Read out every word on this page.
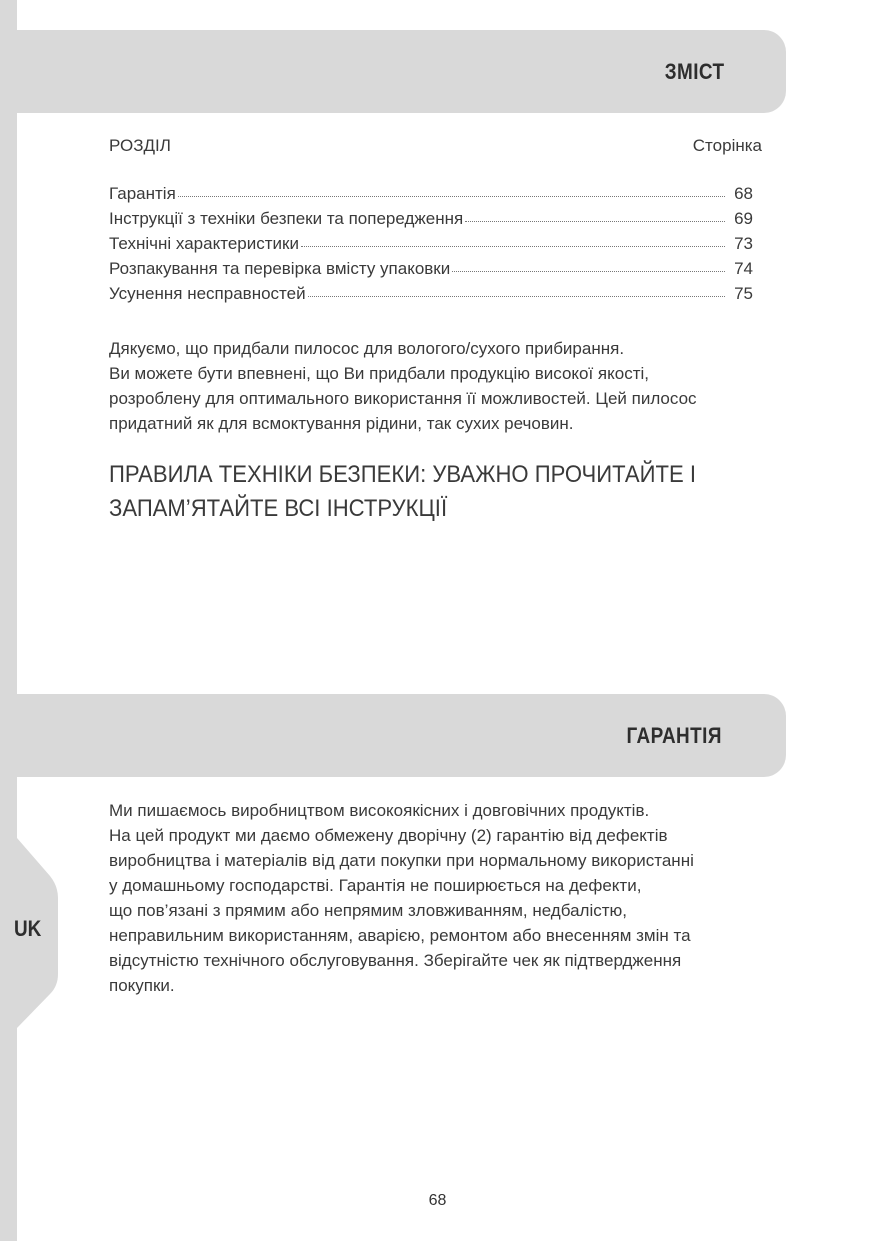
ЗМІСТ
РОЗДІЛ	Сторінка
Гарантія	68
Інструкції з техніки безпеки та попередження	69
Технічні характеристики	73
Розпакування та перевірка вмісту упаковки	74
Усунення несправностей	75

Дякуємо, що придбали пилосос для вологого/сухого прибирання.
Ви можете бути впевнені, що Ви придбали продукцію високої якості,
розроблену для оптимального використання її можливостей. Цей пилосос
придатний як для всмоктування рідини, так сухих речовин.

ПРАВИЛА ТЕХНІКИ БЕЗПЕКИ: УВАЖНО ПРОЧИТАЙТЕ І
ЗАПАМ’ЯТАЙТЕ ВСІ ІНСТРУКЦІЇ
ГАРАНТІЯ
UK

Ми пишаємось виробництвом високоякісних і довговічних продуктів.
На цей продукт ми даємо обмежену дворічну (2) гарантію від дефектів
виробництва і матеріалів від дати покупки при нормальному використанні
у домашньому господарстві. Гарантія не поширюється на дефекти,
що пов’язані з прямим або непрямим зловживанням, недбалістю,
неправильним використанням, аварією, ремонтом або внесенням змін та
відсутністю технічного обслуговування. Зберігайте чек як підтвердження
покупки.

68
